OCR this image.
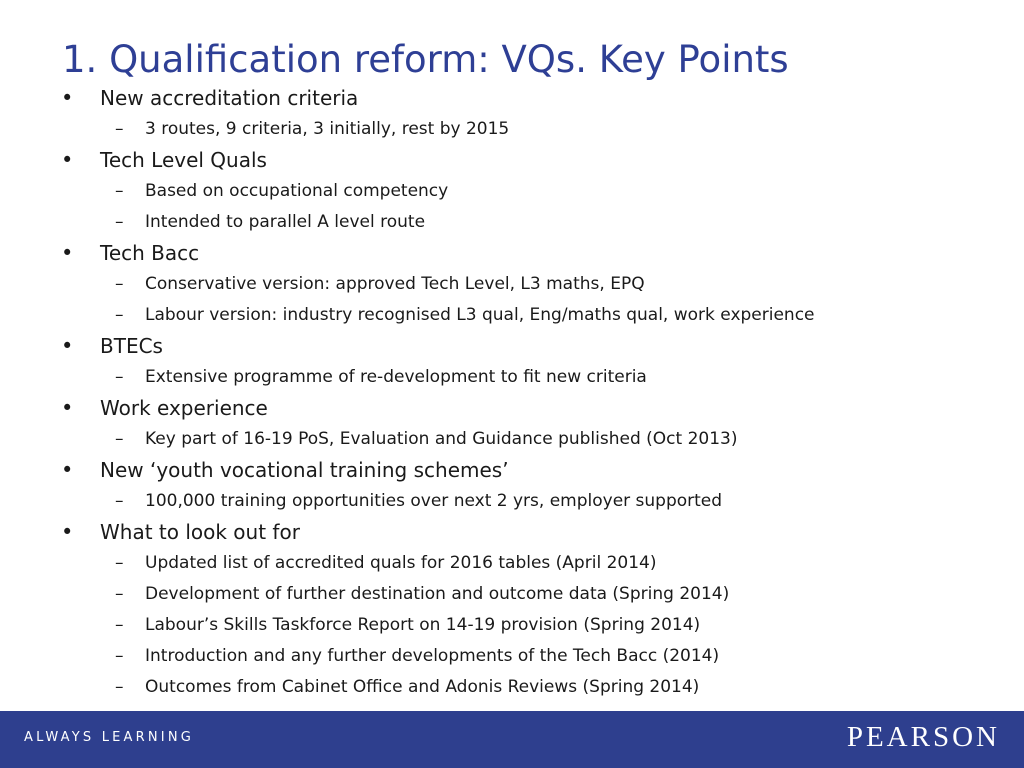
1. Qualification reform: VQs. Key Points
• New accreditation criteria
– 3 routes, 9 criteria, 3 initially, rest by 2015
• Tech Level Quals
– Based on occupational competency
– Intended to parallel A level route
• Tech Bacc
– Conservative version: approved Tech Level, L3 maths, EPQ
– Labour version: industry recognised L3 qual, Eng/maths qual, work experience
• BTECs
– Extensive programme of re-development to fit new criteria
• Work experience
– Key part of 16-19 PoS, Evaluation and Guidance published (Oct 2013)
• New ‘youth vocational training schemes’
– 100,000 training opportunities over next 2 yrs, employer supported
• What to look out for
– Updated list of accredited quals for 2016 tables (April 2014)
– Development of further destination and outcome data (Spring 2014)
– Labour’s Skills Taskforce Report on 14-19 provision (Spring 2014)
– Introduction and any further developments of the Tech Bacc (2014)
– Outcomes from Cabinet Office and Adonis Reviews (Spring 2014)
ALWAYS LEARNING	PEARSON
